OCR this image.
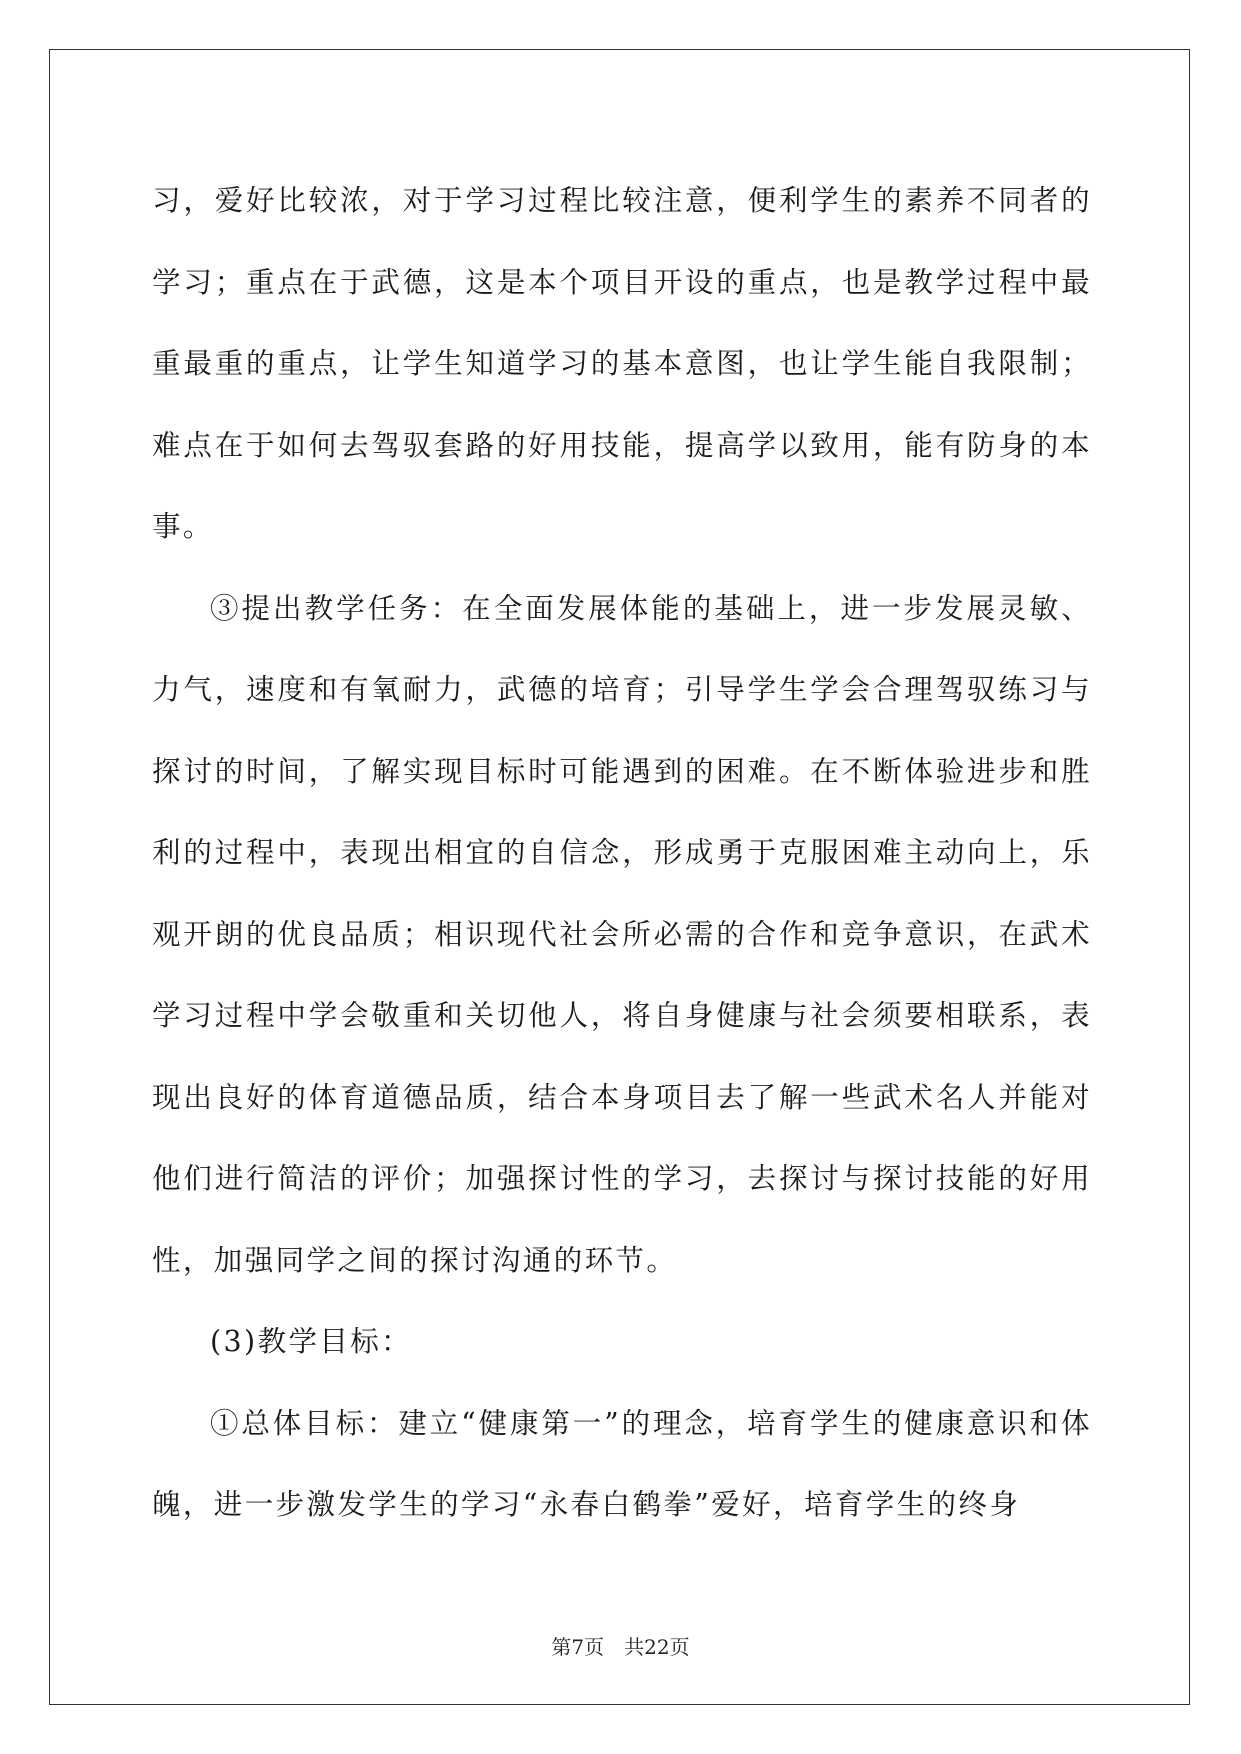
习，爱好比较浓，对于学习过程比较注意，便利学生的素养不同者的学习；重点在于武德，这是本个项目开设的重点，也是教学过程中最重最重的重点，让学生知道学习的基本意图，也让学生能自我限制；难点在于如何去驾驭套路的好用技能，提高学以致用，能有防身的本事。

③提出教学任务：在全面发展体能的基础上，进一步发展灵敏、力气，速度和有氧耐力，武德的培育；引导学生学会合理驾驭练习与探讨的时间，了解实现目标时可能遇到的困难。在不断体验进步和胜利的过程中，表现出相宜的自信念，形成勇于克服困难主动向上，乐观开朗的优良品质；相识现代社会所必需的合作和竞争意识，在武术学习过程中学会敬重和关切他人，将自身健康与社会须要相联系，表现出良好的体育道德品质，结合本身项目去了解一些武术名人并能对他们进行简洁的评价；加强探讨性的学习，去探讨与探讨技能的好用性，加强同学之间的探讨沟通的环节。

(3)教学目标：

①总体目标：建立“健康第一”的理念，培育学生的健康意识和体魄，进一步激发学生的学习“永春白鹤拳”爱好，培育学生的终身

第7页 共22页
